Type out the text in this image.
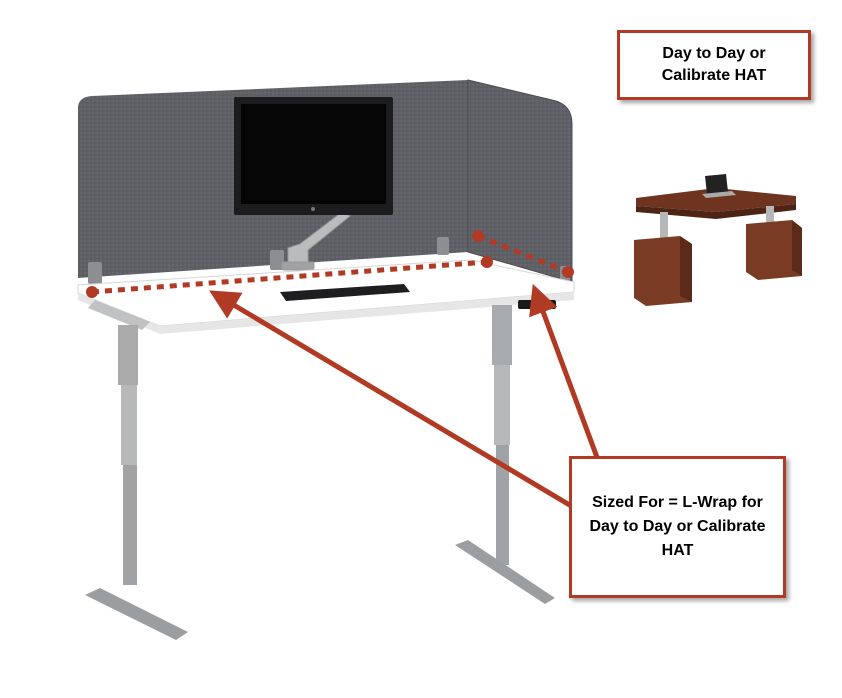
Day to Day or
Calibrate HAT
Sized For = L-Wrap for
Day to Day or Calibrate
HAT
